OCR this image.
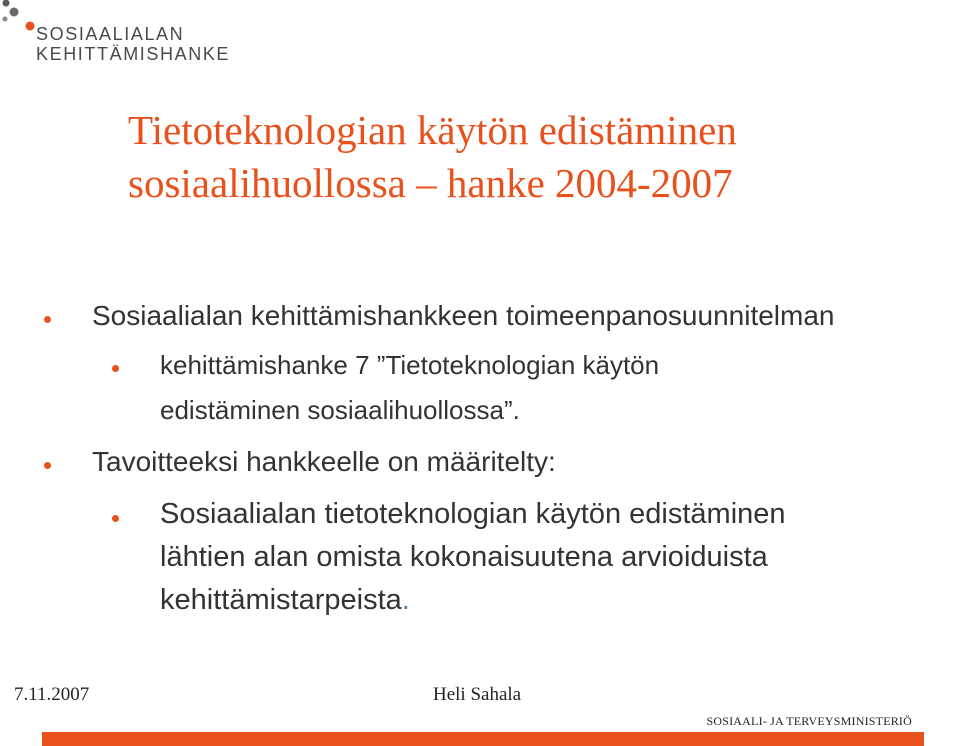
SOSIAALIALAN
KEHITTÄMISHANKE
Tietoteknologian käytön edistäminen
sosiaalihuollossa – hanke 2004-2007
Sosiaalialan kehittämishankkeen toimeenpanosuunnitelman
kehittämishanke 7 ”Tietoteknologian käytön
edistäminen sosiaalihuollossa”.
Tavoitteeksi hankkeelle on määritelty:
Sosiaalialan tietoteknologian käytön edistäminen
lähtien alan omista kokonaisuutena arvioiduista
kehittämistarpeista.
7.11.2007	Heli Sahala
SOSIAALI- JA TERVEYSMINISTERIÖ
